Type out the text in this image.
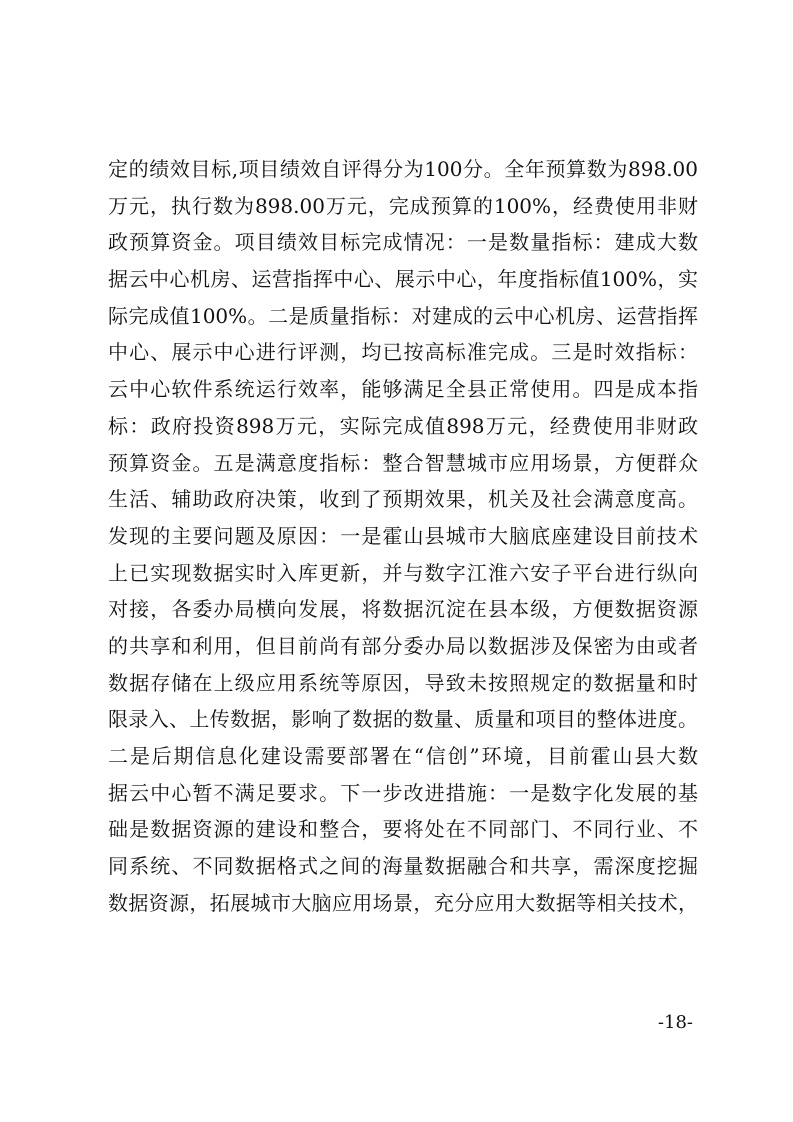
定的绩效目标,项目绩效自评得分为100分。全年预算数为898.00
万元，执行数为898.00万元，完成预算的100%，经费使用非财
政预算资金。项目绩效目标完成情况：一是数量指标：建成大数
据云中心机房、运营指挥中心、展示中心，年度指标值100%，实
际完成值100%。二是质量指标：对建成的云中心机房、运营指挥
中心、展示中心进行评测，均已按高标准完成。三是时效指标：
云中心软件系统运行效率，能够满足全县正常使用。四是成本指
标：政府投资898万元，实际完成值898万元，经费使用非财政
预算资金。五是满意度指标：整合智慧城市应用场景，方便群众
生活、辅助政府决策，收到了预期效果，机关及社会满意度高。
发现的主要问题及原因：一是霍山县城市大脑底座建设目前技术
上已实现数据实时入库更新，并与数字江淮六安子平台进行纵向
对接，各委办局横向发展，将数据沉淀在县本级，方便数据资源
的共享和利用，但目前尚有部分委办局以数据涉及保密为由或者
数据存储在上级应用系统等原因，导致未按照规定的数据量和时
限录入、上传数据，影响了数据的数量、质量和项目的整体进度。
二是后期信息化建设需要部署在“信创”环境，目前霍山县大数
据云中心暂不满足要求。下一步改进措施：一是数字化发展的基
础是数据资源的建设和整合，要将处在不同部门、不同行业、不
同系统、不同数据格式之间的海量数据融合和共享，需深度挖掘
数据资源，拓展城市大脑应用场景，充分应用大数据等相关技术，
-18-
